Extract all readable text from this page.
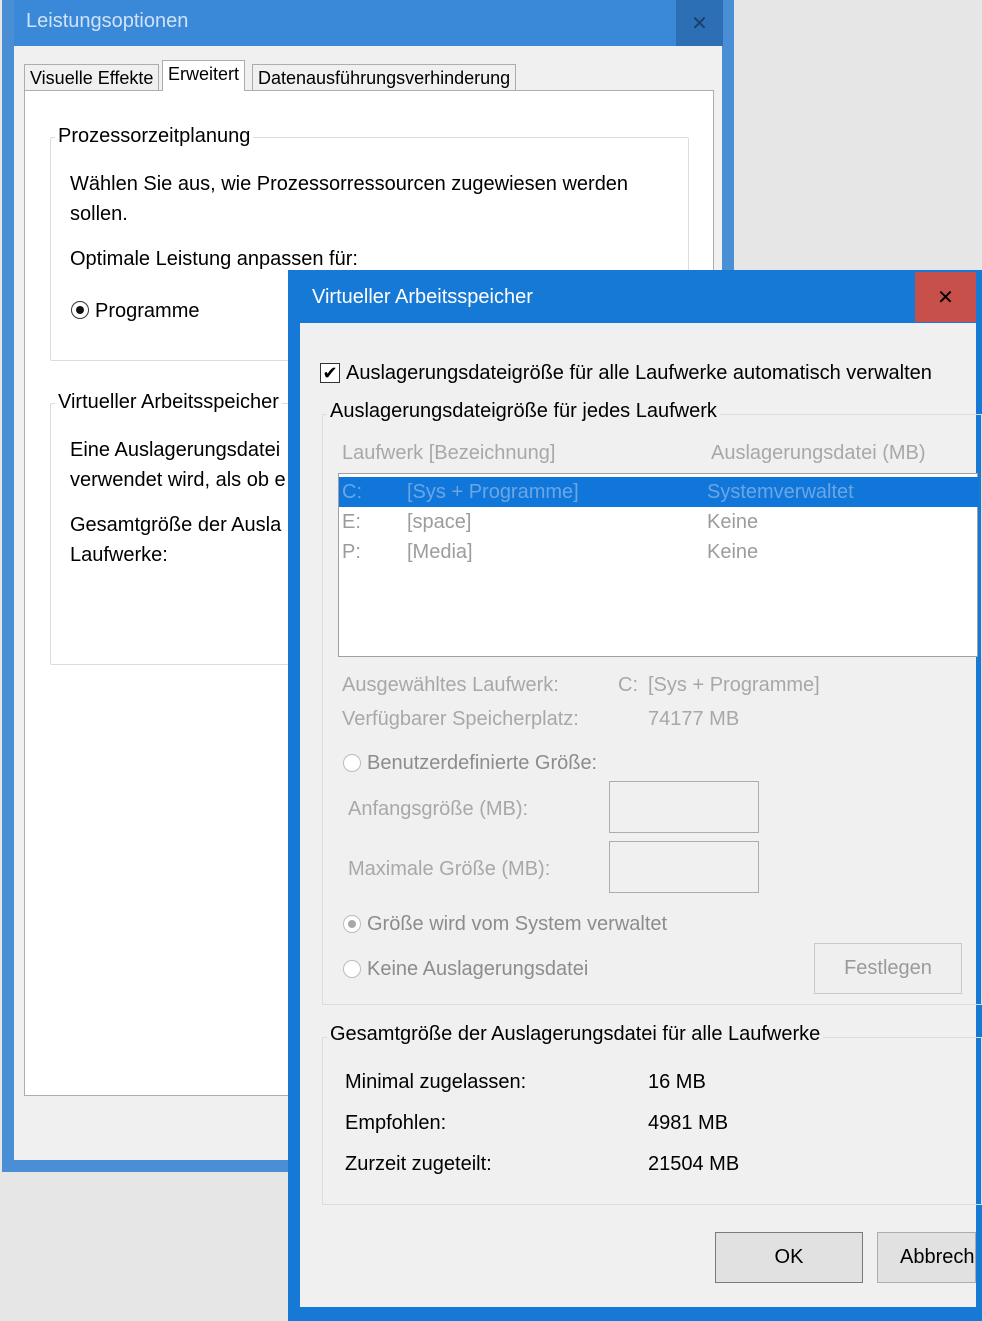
Leistungsoptionen	✕
Visuelle Effekte Erweitert	Datenausführungsverhinderung
Prozessorzeitplanung
Wählen Sie aus, wie Prozessorressourcen zugewiesen werden
sollen.
Optimale Leistung anpassen für:
Programme
Virtueller Arbeitsspeicher
Eine Auslagerungsdatei
verwendet wird, als ob e
Gesamtgröße der Ausla
Laufwerke:
Virtueller Arbeitsspeicher	✕
✔ Auslagerungsdateigröße für alle Laufwerke automatisch verwalten
Auslagerungsdateigröße für jedes Laufwerk
Laufwerk [Bezeichnung]	Auslagerungsdatei (MB)
C: [Sys + Programme]	Systemverwaltet
E: [space]	Keine
P: [Media]	Keine
Ausgewähltes Laufwerk:	C: [Sys + Programme]
Verfügbarer Speicherplatz:	74177 MB
Benutzerdefinierte Größe:
Anfangsgröße (MB):
Maximale Größe (MB):
Größe wird vom System verwaltet
Keine Auslagerungsdatei	Festlegen
Gesamtgröße der Auslagerungsdatei für alle Laufwerke
Minimal zugelassen:	16 MB
Empfohlen:	4981 MB
Zurzeit zugeteilt:	21504 MB
OK	Abbrech
